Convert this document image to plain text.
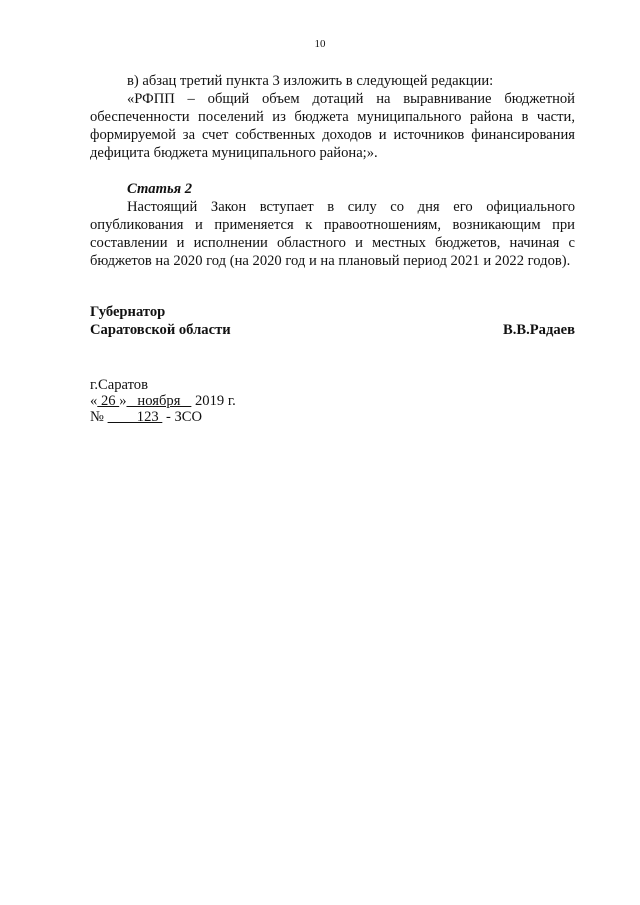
10

в) абзац третий пункта 3 изложить в следующей редакции:

«РФПП – общий объем дотаций на выравнивание бюджетной обеспеченности поселений из бюджета муниципального района в части, формируемой за счет собственных доходов и источников финансирования дефицита бюджета муниципального района;».

Статья 2

Настоящий Закон вступает в силу со дня его официального опубликования и применяется к правоотношениям, возникающим при составлении и исполнении областного и местных бюджетов, начиная с бюджетов на 2020 год (на 2020 год и на плановый период 2021 и 2022 годов).

Губернатор
Саратовской области	В.В.Радаев
г.Саратов
« 26 »   ноября    2019 г.
№         123  - ЗСО
